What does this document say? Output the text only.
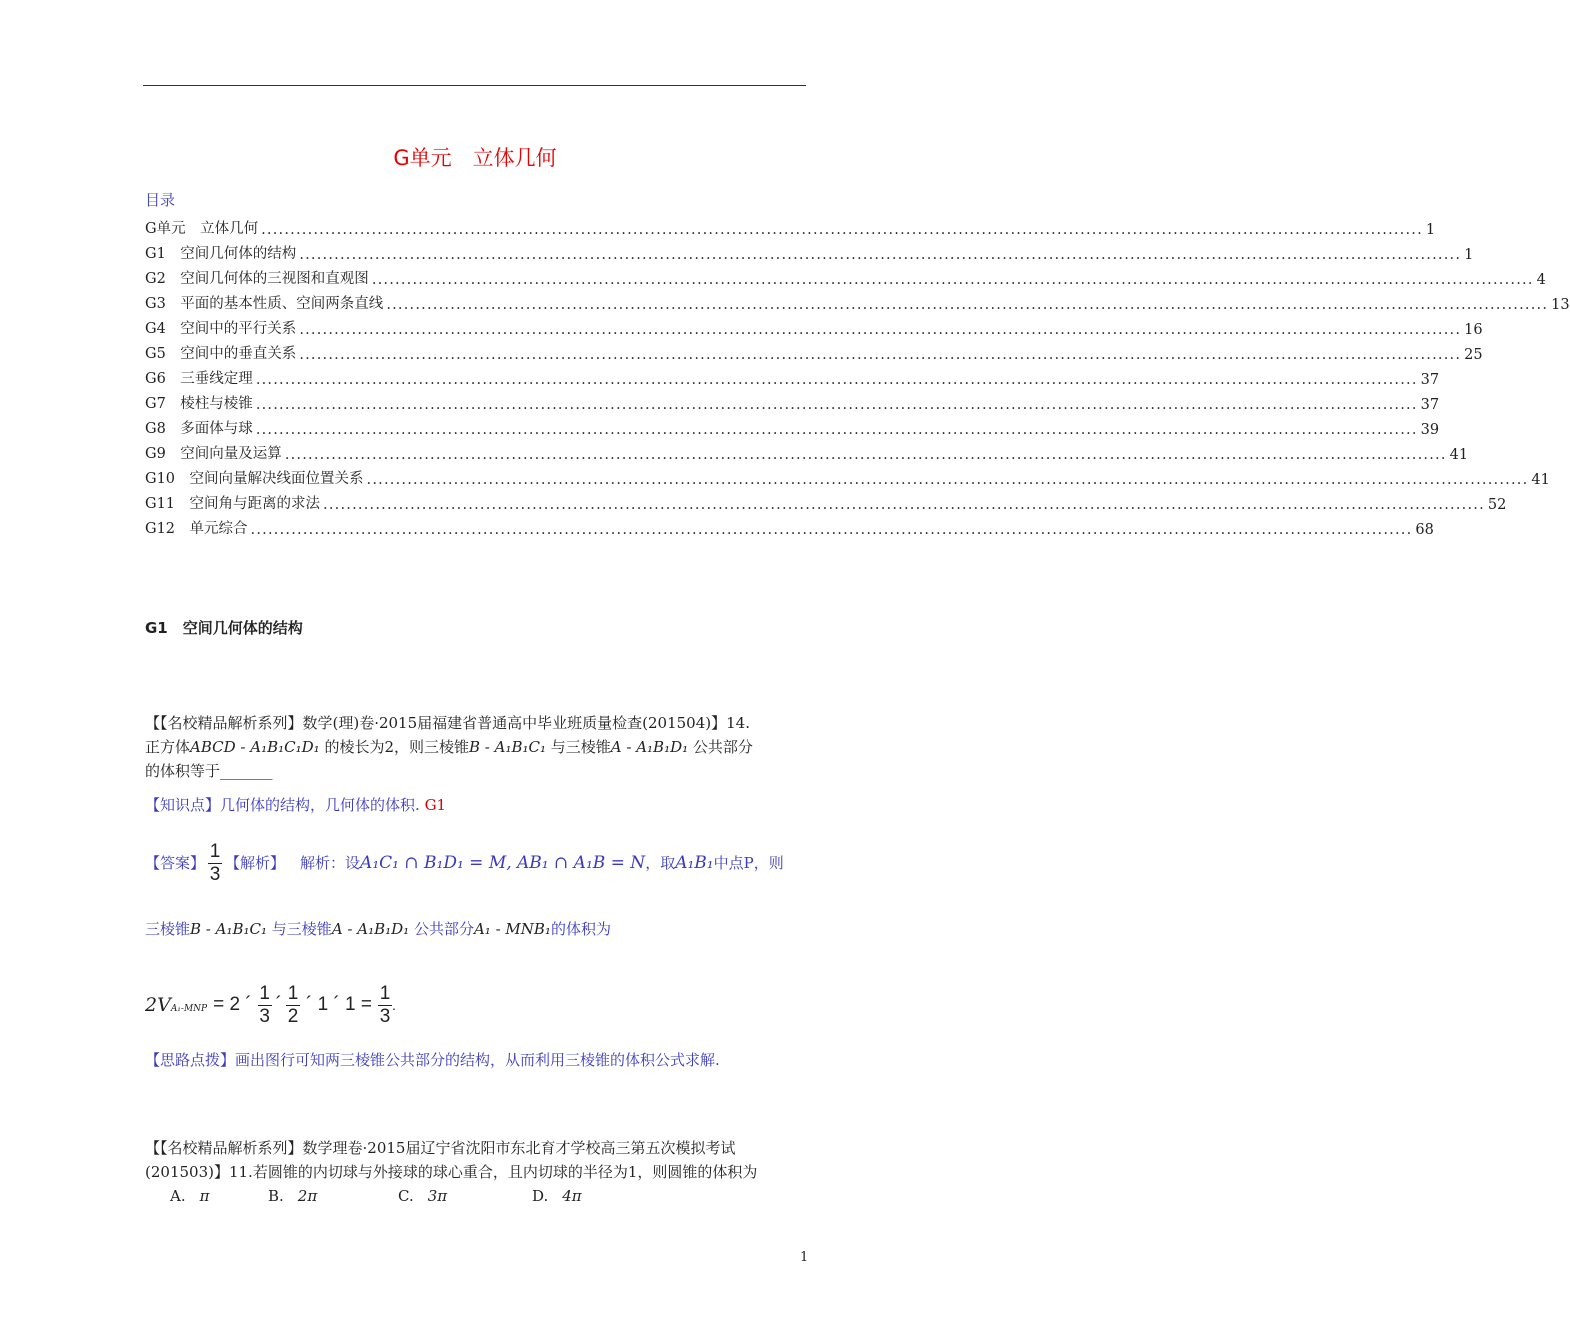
G单元　立体几何
目录
G1　空间几何体的结构
【【名校精品解析系列】数学(理)卷·2015届福建省普通高中毕业班质量检查(201504)】14.
正方体ABCD - A₁B₁C₁D₁ 的棱长为2，则三棱锥B - A₁B₁C₁ 与三棱锥A - A₁B₁D₁ 公共部分
的体积等于_______
【知识点】几何体的结构，几何体的体积. G1
【答案】 $\frac{1}{3}$ 【解析】 　解析：设 A₁C₁ ∩ B₁D₁ = M, AB₁ ∩ A₁B = N ，取 A₁B₁ 中点P，则
三棱锥B - A₁B₁C₁ 与三棱锥A - A₁B₁D₁ 公共部分A₁ - MNB₁的体积为
2V A₁-MNP = 2 ´ $\frac{1}{3}$ ´ $\frac{1}{2}$ ´ 1 ´ $1 = \frac{1}{3}$ .
【思路点拨】画出图行可知两三棱锥公共部分的结构，从而利用三棱锥的体积公式求解.
【【名校精品解析系列】数学理卷·2015届辽宁省沈阳市东北育才学校高三第五次模拟考试
(201503)】11.若圆锥的内切球与外接球的球心重合，且内切球的半径为1，则圆锥的体积为
A. π	B. 2π	C. 3π	D. 4π
1
G单元　立体几何 ........................................................................................................................................................................................................ 1
G1　空间几何体的结构 ........................................................................................................................................................................................................ 1
G2　空间几何体的三视图和直观图 ........................................................................................................................................................................................................ 4
G3　平面的基本性质、空间两条直线 ........................................................................................................................................................................................................ 13
G4　空间中的平行关系 ........................................................................................................................................................................................................ 16
G5　空间中的垂直关系 ........................................................................................................................................................................................................ 25
G6　三垂线定理 ........................................................................................................................................................................................................ 37
G7　棱柱与棱锥 ........................................................................................................................................................................................................ 37
G8　多面体与球 ........................................................................................................................................................................................................ 39
G9　空间向量及运算 ........................................................................................................................................................................................................ 41
G10　空间向量解决线面位置关系 ........................................................................................................................................................................................................ 41
G11　空间角与距离的求法 ........................................................................................................................................................................................................ 52
G12　单元综合 ........................................................................................................................................................................................................ 68
